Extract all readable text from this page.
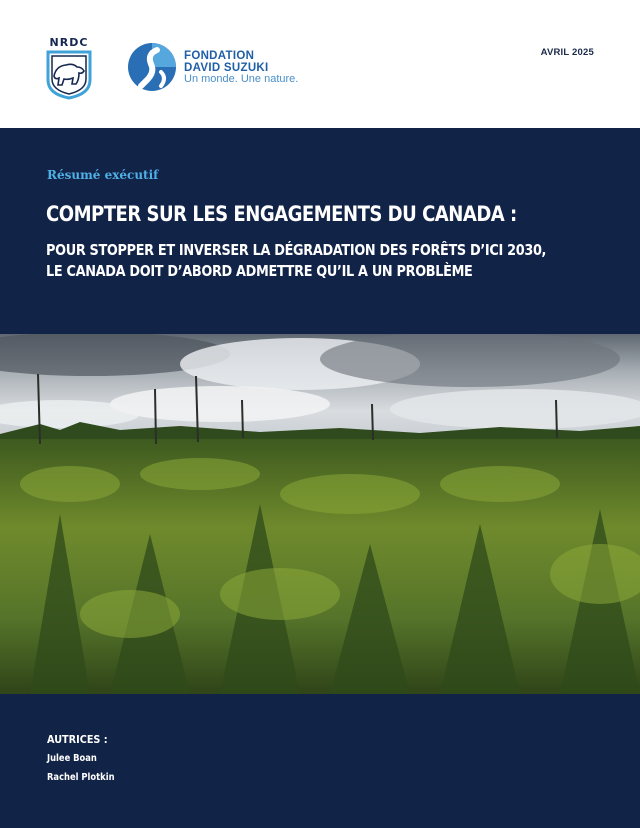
NRDC
FONDATION
DAVID SUZUKI
Un monde. Une nature.
AVRIL 2025
Résumé exécutif
COMPTER SUR LES ENGAGEMENTS DU CANADA :
POUR STOPPER ET INVERSER LA DÉGRADATION DES FORÊTS D’ICI 2030,
LE CANADA DOIT D’ABORD ADMETTRE QU’IL A UN PROBLÈME
AUTRICES :
Julee Boan
Rachel Plotkin
